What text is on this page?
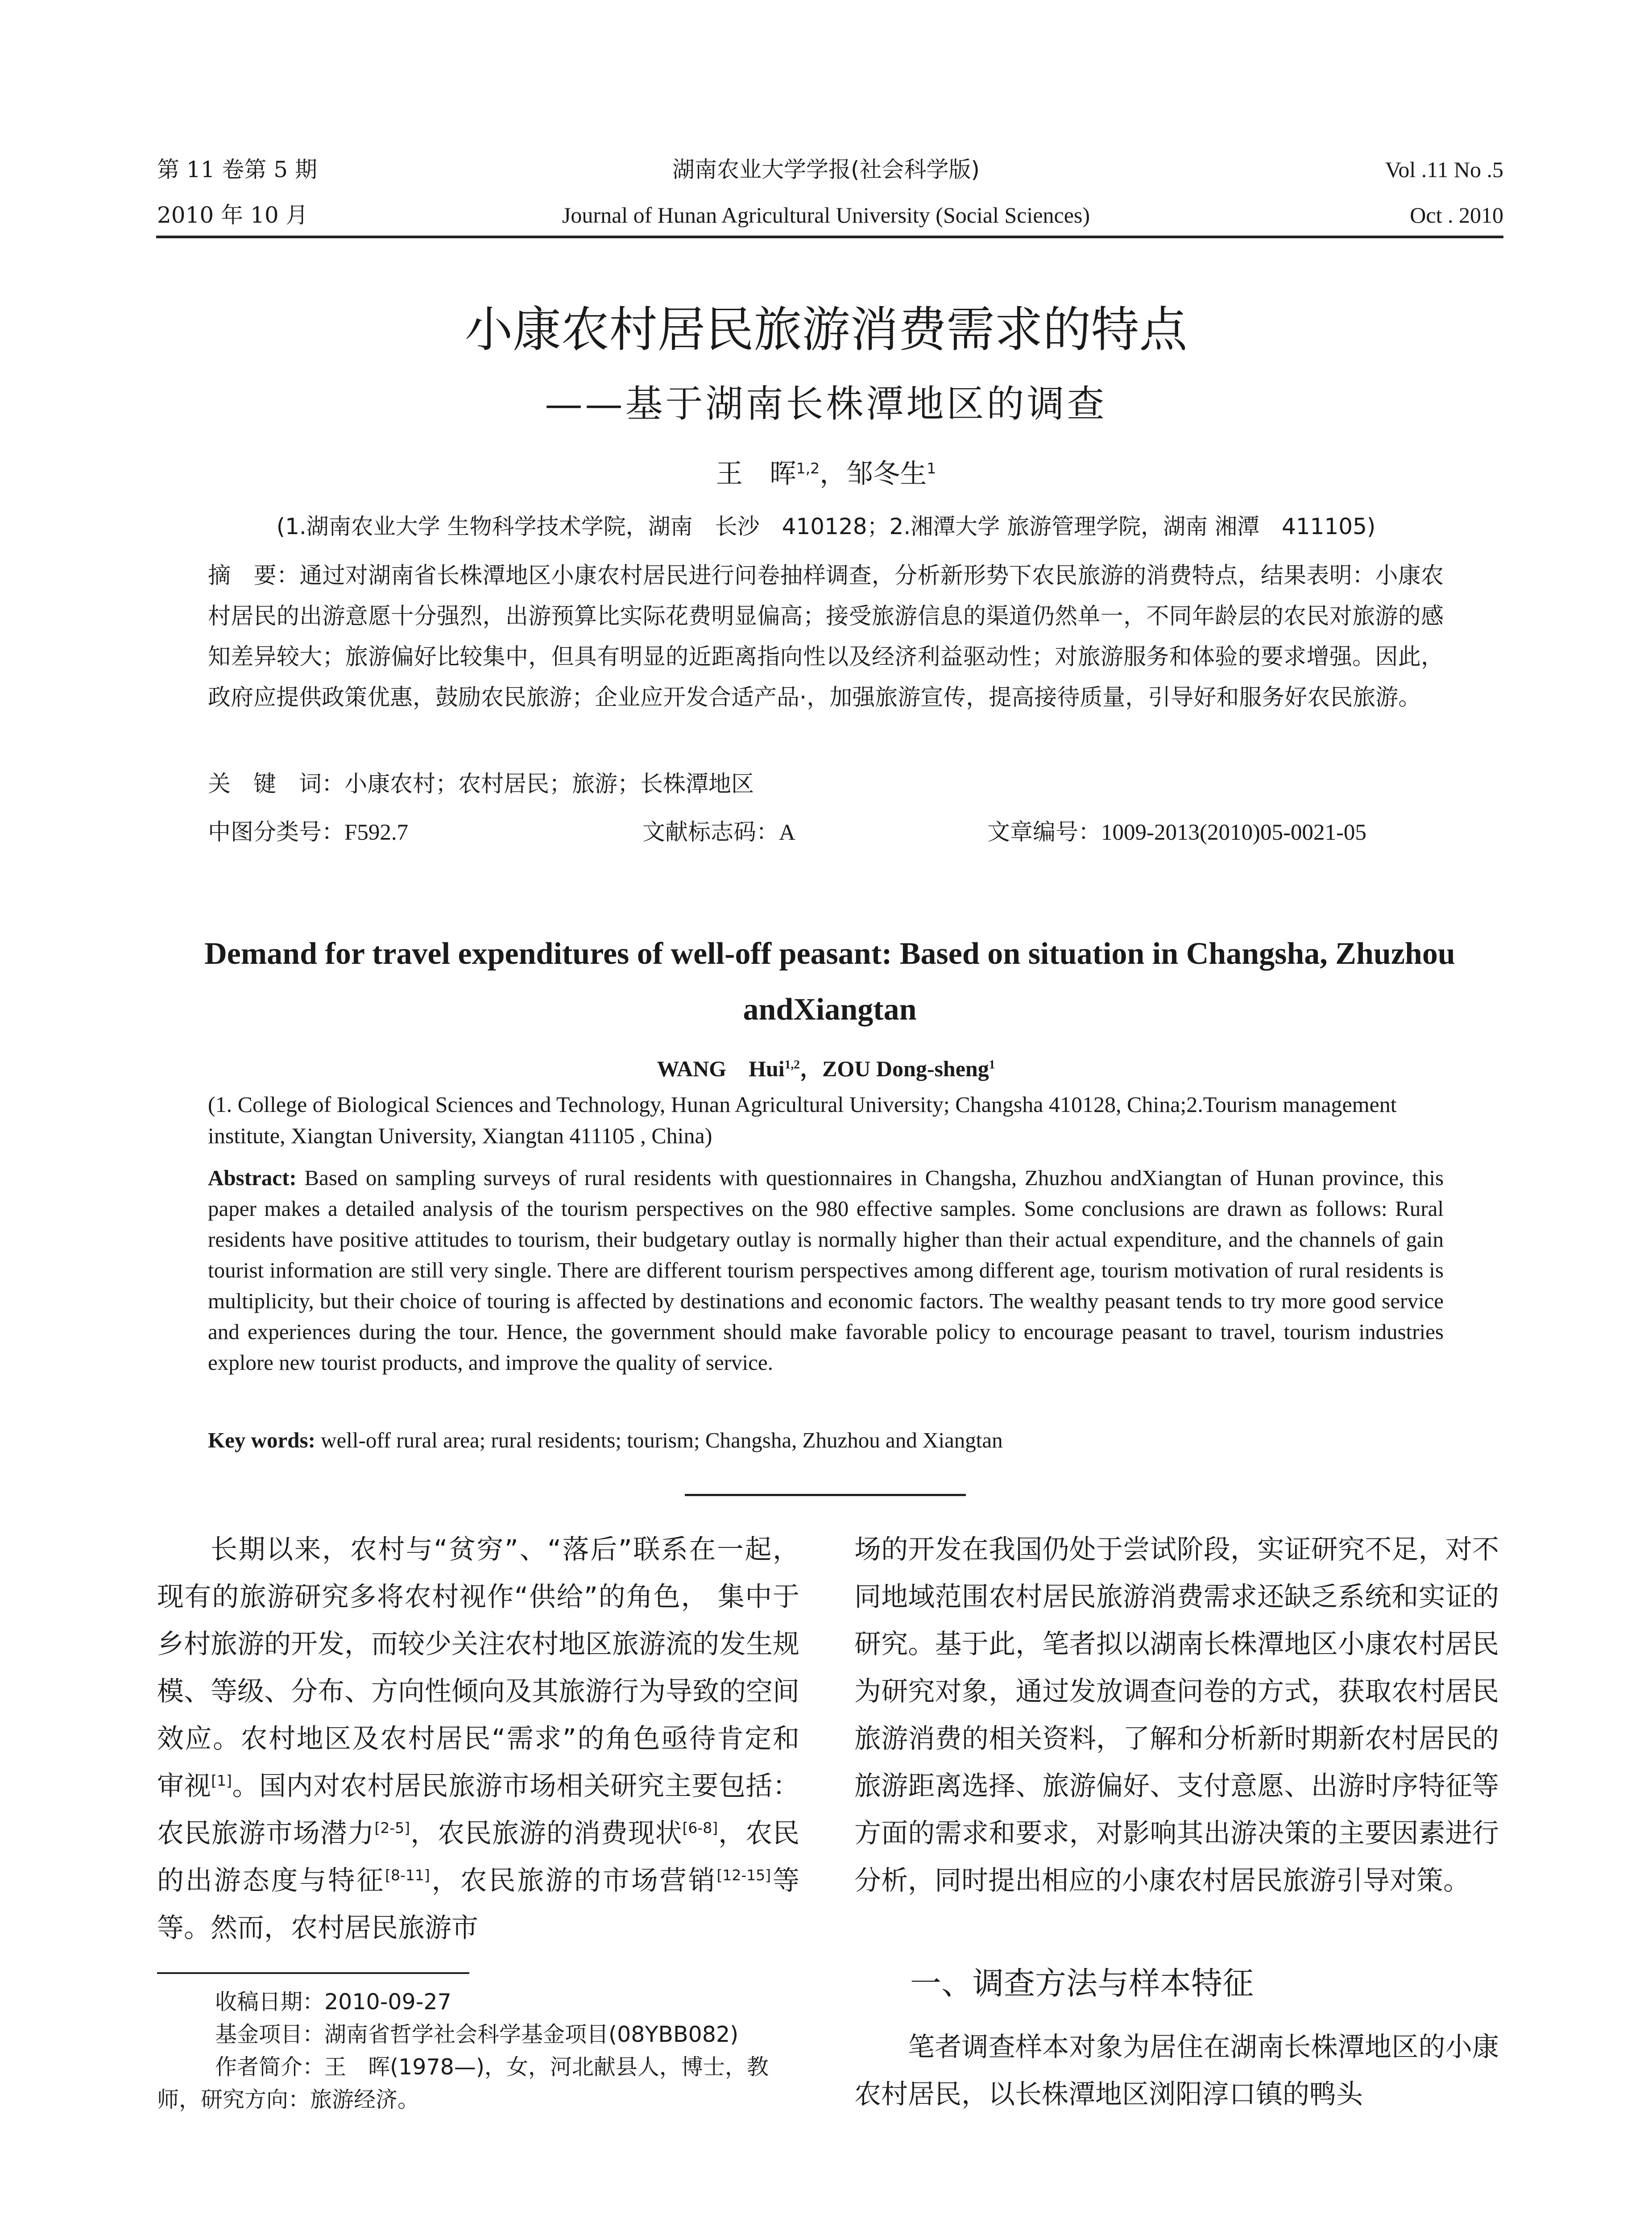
第 11 卷第 5 期
2010 年 10 月
湖南农业大学学报(社会科学版)
Journal of Hunan Agricultural University (Social Sciences)
Vol .11 No .5
Oct . 2010
小康农村居民旅游消费需求的特点
——基于湖南长株潭地区的调查
王　晖$^{1,2}$，邹冬生$^1$
(1.湖南农业大学 生物科学技术学院，湖南　长沙　410128；2.湘潭大学 旅游管理学院，湖南 湘潭　411105)
摘　要：通过对湖南省长株潭地区小康农村居民进行问卷抽样调查，分析新形势下农民旅游的消费特点，结果表明：小康农村居民的出游意愿十分强烈，出游预算比实际花费明显偏高；接受旅游信息的渠道仍然单一，不同年龄层的农民对旅游的感知差异较大；旅游偏好比较集中，但具有明显的近距离指向性以及经济利益驱动性；对旅游服务和体验的要求增强。因此，政府应提供政策优惠，鼓励农民旅游；企业应开发合适产品·，加强旅游宣传，提高接待质量，引导好和服务好农民旅游。
关　键　词：小康农村；农村居民；旅游；长株潭地区
中图分类号：F592.7	文献标志码：A	文章编号：1009-2013(2010)05-0021-05
Demand for travel expenditures of well-off peasant: Based on situation in Changsha, Zhuzhou andXiangtan
WANG　Hui$^{1,2}$，ZOU Dong-sheng$^1$
(1. College of Biological Sciences and Technology, Hunan Agricultural University; Changsha 410128, China;2.Tourism management institute, Xiangtan University, Xiangtan 411105 , China)
Abstract: Based on sampling surveys of rural residents with questionnaires in Changsha, Zhuzhou andXiangtan of Hunan province, this paper makes a detailed analysis of the tourism perspectives on the 980 effective samples. Some conclusions are drawn as follows: Rural residents have positive attitudes to tourism, their budgetary outlay is normally higher than their actual expenditure, and the channels of gain tourist information are still very single. There are different tourism perspectives among different age, tourism motivation of rural residents is multiplicity, but their choice of touring is affected by destinations and economic factors. The wealthy peasant tends to try more good service and experiences during the tour. Hence, the government should make favorable policy to encourage peasant to travel, tourism industries explore new tourist products, and improve the quality of service.
Key words: well-off rural area; rural residents; tourism; Changsha, Zhuzhou and Xiangtan

长期以来，农村与“贫穷”、“落后”联系在一起，现有的旅游研究多将农村视作“供给”的角色， 集中于乡村旅游的开发，而较少关注农村地区旅游流的发生规模、等级、分布、方向性倾向及其旅游行为导致的空间效应。农村地区及农村居民“需求”的角色亟待肯定和审视[1]。国内对农村居民旅游市场相关研究主要包括：农民旅游市场潜力[2-5]，农民旅游的消费现状[6-8]，农民的出游态度与特征[8-11]，农民旅游的市场营销[12-15]等等。然而，农村居民旅游市

收稿日期：2010-09-27

基金项目：湖南省哲学社会科学基金项目(08YBB082)

作者简介：王　晖(1978—)，女，河北献县人，博士，教师，研究方向：旅游经济。

场的开发在我国仍处于尝试阶段，实证研究不足，对不同地域范围农村居民旅游消费需求还缺乏系统和实证的研究。基于此，笔者拟以湖南长株潭地区小康农村居民为研究对象，通过发放调查问卷的方式，获取农村居民旅游消费的相关资料，了解和分析新时期新农村居民的旅游距离选择、旅游偏好、支付意愿、出游时序特征等方面的需求和要求，对影响其出游决策的主要因素进行分析，同时提出相应的小康农村居民旅游引导对策。

一、调查方法与样本特征

笔者调查样本对象为居住在湖南长株潭地区的小康农村居民，以长株潭地区浏阳淳口镇的鸭头
